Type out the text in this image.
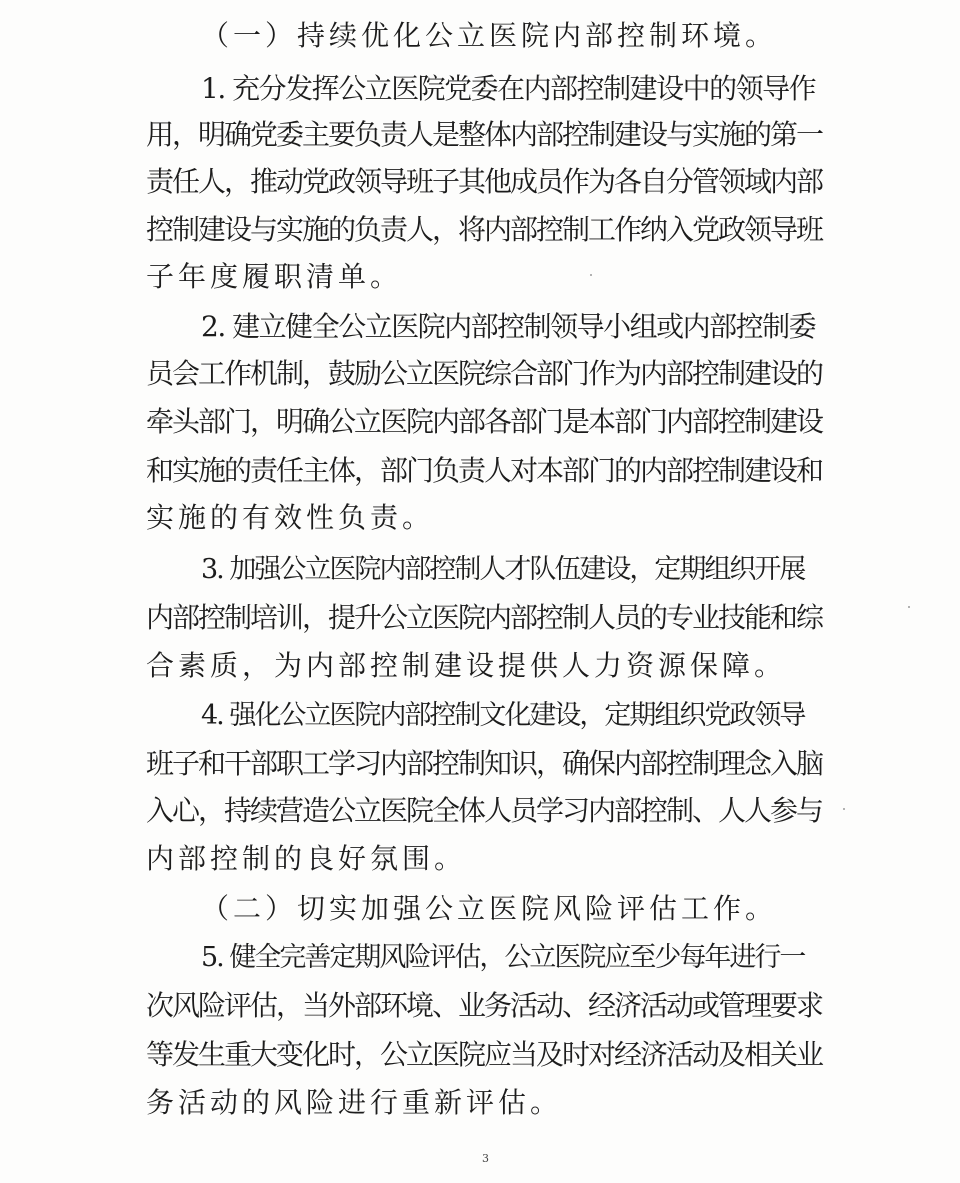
（一）持续优化公立医院内部控制环境。
1. 充分发挥公立医院党委在内部控制建设中的领导作
用，明确党委主要负责人是整体内部控制建设与实施的第一
责任人，推动党政领导班子其他成员作为各自分管领域内部
控制建设与实施的负责人，将内部控制工作纳入党政领导班
子年度履职清单。
2. 建立健全公立医院内部控制领导小组或内部控制委
员会工作机制，鼓励公立医院综合部门作为内部控制建设的
牵头部门，明确公立医院内部各部门是本部门内部控制建设
和实施的责任主体，部门负责人对本部门的内部控制建设和
实施的有效性负责。
3. 加强公立医院内部控制人才队伍建设，定期组织开展
内部控制培训，提升公立医院内部控制人员的专业技能和综
合素质，为内部控制建设提供人力资源保障。
4. 强化公立医院内部控制文化建设，定期组织党政领导
班子和干部职工学习内部控制知识，确保内部控制理念入脑
入心，持续营造公立医院全体人员学习内部控制、人人参与
内部控制的良好氛围。
（二）切实加强公立医院风险评估工作。
5. 健全完善定期风险评估，公立医院应至少每年进行一
次风险评估，当外部环境、业务活动、经济活动或管理要求
等发生重大变化时，公立医院应当及时对经济活动及相关业
务活动的风险进行重新评估。
3
